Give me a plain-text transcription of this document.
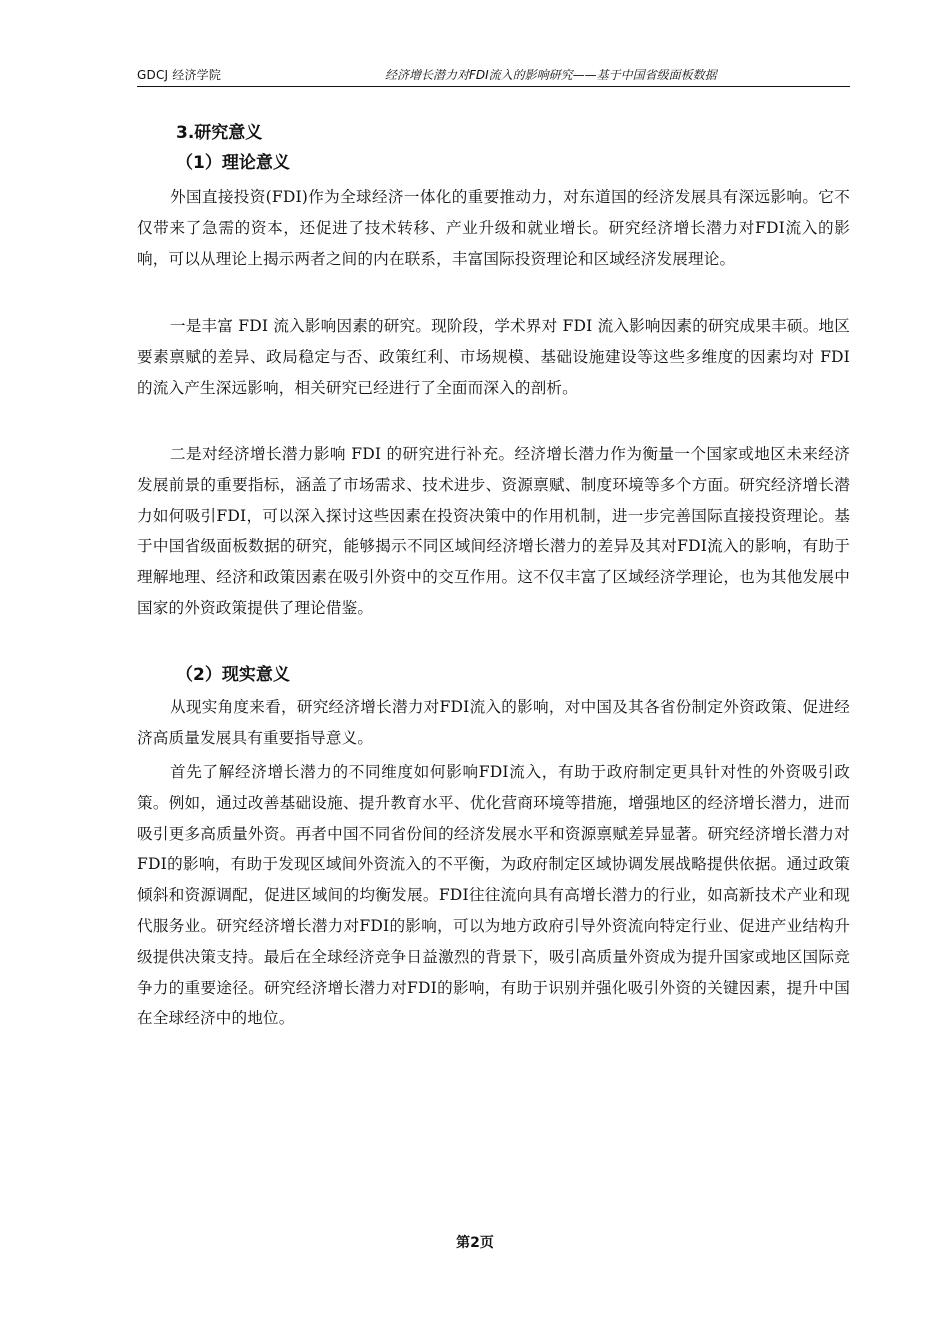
GDCJ 经济学院	经济增长潜力对FDI流入的影响研究——基于中国省级面板数据
3.研究意义
（1）理论意义

外国直接投资(FDI)作为全球经济一体化的重要推动力，对东道国的经济发展具有深远影响。它不仅带来了急需的资本，还促进了技术转移、产业升级和就业增长。研究经济增长潜力对FDI流入的影响，可以从理论上揭示两者之间的内在联系，丰富国际投资理论和区域经济发展理论。

一是丰富 FDI 流入影响因素的研究。现阶段，学术界对 FDI 流入影响因素的研究成果丰硕。地区要素禀赋的差异、政局稳定与否、政策红利、市场规模、基础设施建设等这些多维度的因素均对 FDI 的流入产生深远影响，相关研究已经进行了全面而深入的剖析。

二是对经济增长潜力影响 FDI 的研究进行补充。经济增长潜力作为衡量一个国家或地区未来经济发展前景的重要指标，涵盖了市场需求、技术进步、资源禀赋、制度环境等多个方面。研究经济增长潜力如何吸引FDI，可以深入探讨这些因素在投资决策中的作用机制，进一步完善国际直接投资理论。基于中国省级面板数据的研究，能够揭示不同区域间经济增长潜力的差异及其对FDI流入的影响，有助于理解地理、经济和政策因素在吸引外资中的交互作用。这不仅丰富了区域经济学理论，也为其他发展中国家的外资政策提供了理论借鉴。

（2）现实意义

从现实角度来看，研究经济增长潜力对FDI流入的影响，对中国及其各省份制定外资政策、促进经济高质量发展具有重要指导意义。

首先了解经济增长潜力的不同维度如何影响FDI流入，有助于政府制定更具针对性的外资吸引政策。例如，通过改善基础设施、提升教育水平、优化营商环境等措施，增强地区的经济增长潜力，进而吸引更多高质量外资。再者中国不同省份间的经济发展水平和资源禀赋差异显著。研究经济增长潜力对FDI的影响，有助于发现区域间外资流入的不平衡，为政府制定区域协调发展战略提供依据。通过政策倾斜和资源调配，促进区域间的均衡发展。FDI往往流向具有高增长潜力的行业，如高新技术产业和现代服务业。研究经济增长潜力对FDI的影响，可以为地方政府引导外资流向特定行业、促进产业结构升级提供决策支持。最后在全球经济竞争日益激烈的背景下，吸引高质量外资成为提升国家或地区国际竞争力的重要途径。研究经济增长潜力对FDI的影响，有助于识别并强化吸引外资的关键因素，提升中国在全球经济中的地位。

第2页
